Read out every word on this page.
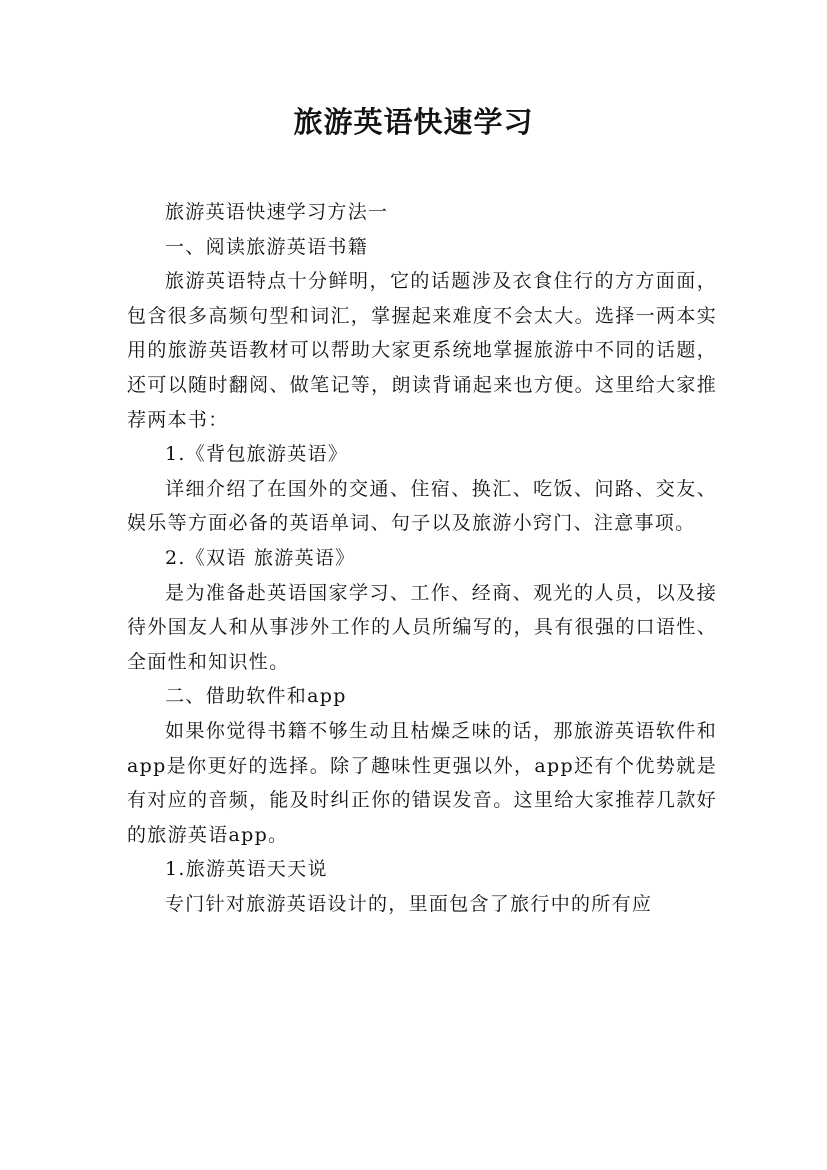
旅游英语快速学习

旅游英语快速学习方法一

一、阅读旅游英语书籍

旅游英语特点十分鲜明，它的话题涉及衣食住行的方方面面，包含很多高频句型和词汇，掌握起来难度不会太大。选择一两本实用的旅游英语教材可以帮助大家更系统地掌握旅游中不同的话题，还可以随时翻阅、做笔记等，朗读背诵起来也方便。这里给大家推荐两本书：

1.《背包旅游英语》

详细介绍了在国外的交通、住宿、换汇、吃饭、问路、交友、娱乐等方面必备的英语单词、句子以及旅游小窍门、注意事项。

2.《双语 旅游英语》

是为准备赴英语国家学习、工作、经商、观光的人员，以及接待外国友人和从事涉外工作的人员所编写的，具有很强的口语性、全面性和知识性。

二、借助软件和app

如果你觉得书籍不够生动且枯燥乏味的话，那旅游英语软件和app是你更好的选择。除了趣味性更强以外，app还有个优势就是有对应的音频，能及时纠正你的错误发音。这里给大家推荐几款好的旅游英语app。

1.旅游英语天天说

专门针对旅游英语设计的，里面包含了旅行中的所有应
